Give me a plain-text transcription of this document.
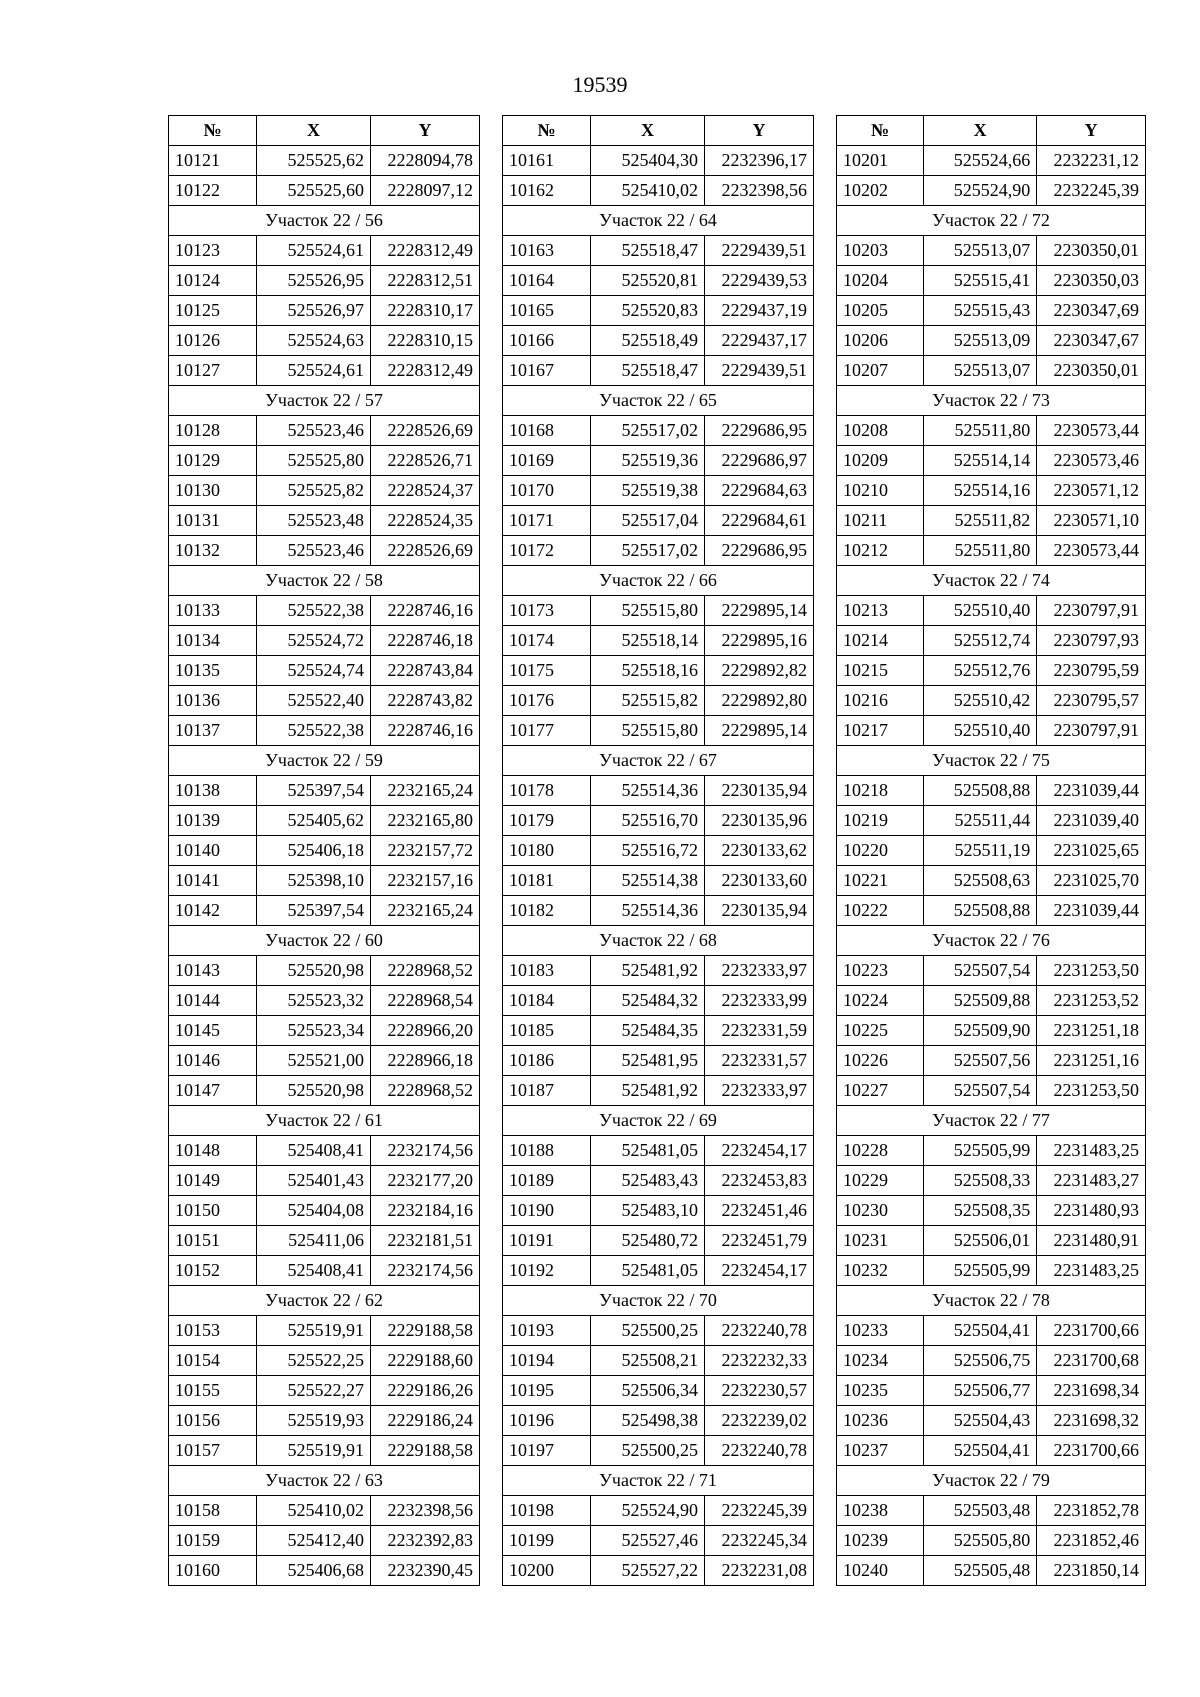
19539
№	X	Y
10121	525525,62	2228094,78
10122	525525,60	2228097,12
Участок 22 / 56		
10123	525524,61	2228312,49
10124	525526,95	2228312,51
10125	525526,97	2228310,17
10126	525524,63	2228310,15
10127	525524,61	2228312,49
Участок 22 / 57		
10128	525523,46	2228526,69
10129	525525,80	2228526,71
10130	525525,82	2228524,37
10131	525523,48	2228524,35
10132	525523,46	2228526,69
Участок 22 / 58		
10133	525522,38	2228746,16
10134	525524,72	2228746,18
10135	525524,74	2228743,84
10136	525522,40	2228743,82
10137	525522,38	2228746,16
Участок 22 / 59		
10138	525397,54	2232165,24
10139	525405,62	2232165,80
10140	525406,18	2232157,72
10141	525398,10	2232157,16
10142	525397,54	2232165,24
Участок 22 / 60		
10143	525520,98	2228968,52
10144	525523,32	2228968,54
10145	525523,34	2228966,20
10146	525521,00	2228966,18
10147	525520,98	2228968,52
Участок 22 / 61		
10148	525408,41	2232174,56
10149	525401,43	2232177,20
10150	525404,08	2232184,16
10151	525411,06	2232181,51
10152	525408,41	2232174,56
Участок 22 / 62		
10153	525519,91	2229188,58
10154	525522,25	2229188,60
10155	525522,27	2229186,26
10156	525519,93	2229186,24
10157	525519,91	2229188,58
Участок 22 / 63		
10158	525410,02	2232398,56
10159	525412,40	2232392,83
10160	525406,68	2232390,45
№	X	Y
10161	525404,30	2232396,17
10162	525410,02	2232398,56
Участок 22 / 64		
10163	525518,47	2229439,51
10164	525520,81	2229439,53
10165	525520,83	2229437,19
10166	525518,49	2229437,17
10167	525518,47	2229439,51
Участок 22 / 65		
10168	525517,02	2229686,95
10169	525519,36	2229686,97
10170	525519,38	2229684,63
10171	525517,04	2229684,61
10172	525517,02	2229686,95
Участок 22 / 66		
10173	525515,80	2229895,14
10174	525518,14	2229895,16
10175	525518,16	2229892,82
10176	525515,82	2229892,80
10177	525515,80	2229895,14
Участок 22 / 67		
10178	525514,36	2230135,94
10179	525516,70	2230135,96
10180	525516,72	2230133,62
10181	525514,38	2230133,60
10182	525514,36	2230135,94
Участок 22 / 68		
10183	525481,92	2232333,97
10184	525484,32	2232333,99
10185	525484,35	2232331,59
10186	525481,95	2232331,57
10187	525481,92	2232333,97
Участок 22 / 69		
10188	525481,05	2232454,17
10189	525483,43	2232453,83
10190	525483,10	2232451,46
10191	525480,72	2232451,79
10192	525481,05	2232454,17
Участок 22 / 70		
10193	525500,25	2232240,78
10194	525508,21	2232232,33
10195	525506,34	2232230,57
10196	525498,38	2232239,02
10197	525500,25	2232240,78
Участок 22 / 71		
10198	525524,90	2232245,39
10199	525527,46	2232245,34
10200	525527,22	2232231,08
№	X	Y
10201	525524,66	2232231,12
10202	525524,90	2232245,39
Участок 22 / 72		
10203	525513,07	2230350,01
10204	525515,41	2230350,03
10205	525515,43	2230347,69
10206	525513,09	2230347,67
10207	525513,07	2230350,01
Участок 22 / 73		
10208	525511,80	2230573,44
10209	525514,14	2230573,46
10210	525514,16	2230571,12
10211	525511,82	2230571,10
10212	525511,80	2230573,44
Участок 22 / 74		
10213	525510,40	2230797,91
10214	525512,74	2230797,93
10215	525512,76	2230795,59
10216	525510,42	2230795,57
10217	525510,40	2230797,91
Участок 22 / 75		
10218	525508,88	2231039,44
10219	525511,44	2231039,40
10220	525511,19	2231025,65
10221	525508,63	2231025,70
10222	525508,88	2231039,44
Участок 22 / 76		
10223	525507,54	2231253,50
10224	525509,88	2231253,52
10225	525509,90	2231251,18
10226	525507,56	2231251,16
10227	525507,54	2231253,50
Участок 22 / 77		
10228	525505,99	2231483,25
10229	525508,33	2231483,27
10230	525508,35	2231480,93
10231	525506,01	2231480,91
10232	525505,99	2231483,25
Участок 22 / 78		
10233	525504,41	2231700,66
10234	525506,75	2231700,68
10235	525506,77	2231698,34
10236	525504,43	2231698,32
10237	525504,41	2231700,66
Участок 22 / 79		
10238	525503,48	2231852,78
10239	525505,80	2231852,46
10240	525505,48	2231850,14
